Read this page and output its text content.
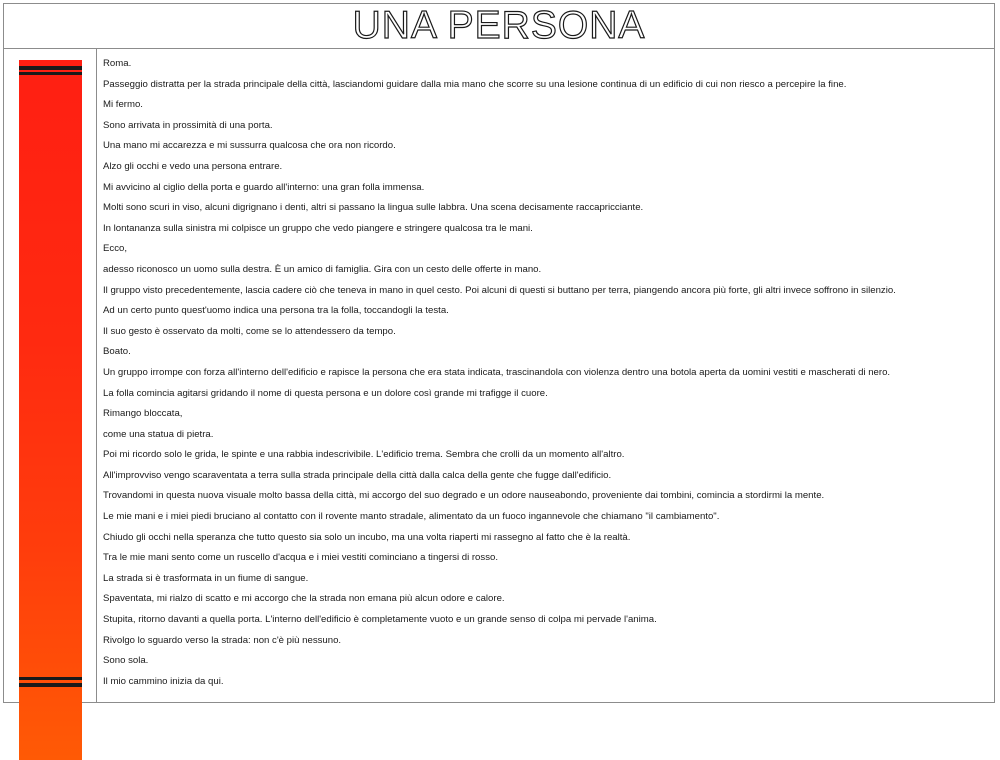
UNA PERSONA

Roma.

Passeggio distratta per la strada principale della città, lasciandomi guidare dalla mia mano che scorre su una lesione continua di un edificio di cui non riesco a percepire la fine.

Mi fermo.

Sono arrivata in prossimità di una porta.

Una mano mi accarezza e mi sussurra qualcosa che ora non ricordo.

Alzo gli occhi e vedo una persona entrare.

Mi avvicino al ciglio della porta e guardo all'interno: una gran folla immensa.

Molti sono scuri in viso, alcuni digrignano i denti, altri si passano la lingua sulle labbra. Una scena decisamente raccapricciante.

In lontananza sulla sinistra mi colpisce un gruppo che vedo piangere e stringere qualcosa tra le mani.

Ecco,

adesso riconosco un uomo sulla destra. È un amico di famiglia. Gira con un cesto delle offerte in mano.

Il gruppo visto precedentemente, lascia cadere ciò che teneva in mano in quel cesto. Poi alcuni di questi si buttano per terra, piangendo ancora più forte, gli altri invece soffrono in silenzio.

Ad un certo punto quest'uomo indica una persona tra la folla, toccandogli la testa.

Il suo gesto è osservato da molti, come se lo attendessero da tempo.

Boato.

Un gruppo irrompe con forza all'interno dell'edificio e rapisce la persona che era stata indicata, trascinandola con violenza dentro una botola aperta da uomini vestiti e mascherati di nero.

La folla comincia agitarsi gridando il nome di questa persona e un dolore così grande mi trafigge il cuore.

Rimango bloccata,

come una statua di pietra.

Poi mi ricordo solo le grida, le spinte e una rabbia indescrivibile. L'edificio trema. Sembra che crolli da un momento all'altro.

All'improvviso vengo scaraventata a terra sulla strada principale della città dalla calca della gente che fugge dall'edificio.

Trovandomi in questa nuova visuale molto bassa della città, mi accorgo del suo degrado e un odore nauseabondo, proveniente dai tombini, comincia a stordirmi la mente.

Le mie mani e i miei piedi bruciano al contatto con il rovente manto stradale, alimentato da un fuoco ingannevole che chiamano "il cambiamento".

Chiudo gli occhi nella speranza che tutto questo sia solo un incubo, ma una volta riaperti mi rassegno al fatto che è la realtà.

Tra le mie mani sento come un ruscello d'acqua e i miei vestiti cominciano a tingersi di rosso.

La strada si è trasformata in un fiume di sangue.

Spaventata, mi rialzo di scatto e mi accorgo che la strada non emana più alcun odore e calore.

Stupita, ritorno davanti a quella porta. L'interno dell'edificio è completamente vuoto e un grande senso di colpa mi pervade l'anima.

Rivolgo lo sguardo verso la strada: non c'è più nessuno.

Sono sola.

Il mio cammino inizia da qui.
